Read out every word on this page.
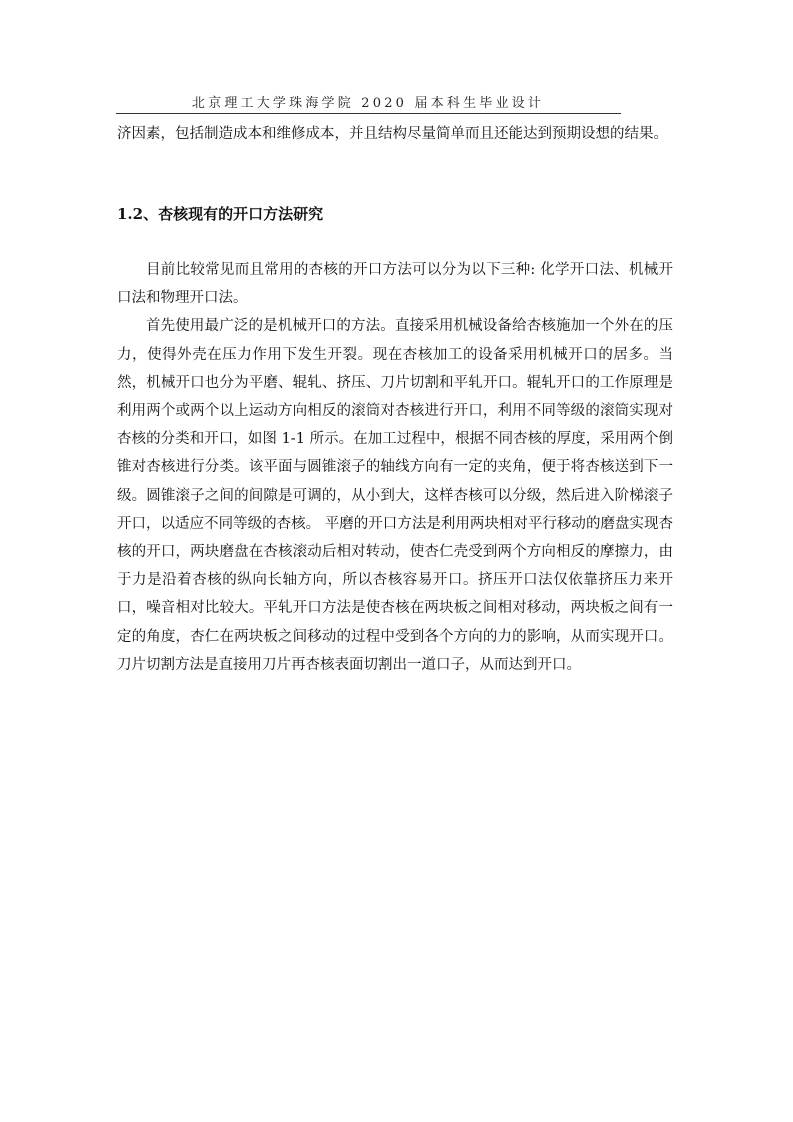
北京理工大学珠海学院 2020 届本科生毕业设计

济因素，包括制造成本和维修成本，并且结构尽量简单而且还能达到预期设想的结果。

1.2、杏核现有的开口方法研究

目前比较常见而且常用的杏核的开口方法可以分为以下三种: 化学开口法、机械开口法和物理开口法。

首先使用最广泛的是机械开口的方法。直接采用机械设备给杏核施加一个外在的压力，使得外壳在压力作用下发生开裂。现在杏核加工的设备采用机械开口的居多。当然，机械开口也分为平磨、辊轧、挤压、刀片切割和平轧开口。辊轧开口的工作原理是利用两个或两个以上运动方向相反的滚筒对杏核进行开口，利用不同等级的滚筒实现对杏核的分类和开口，如图 1-1 所示。在加工过程中，根据不同杏核的厚度，采用两个倒锥对杏核进行分类。该平面与圆锥滚子的轴线方向有一定的夹角，便于将杏核送到下一级。圆锥滚子之间的间隙是可调的，从小到大，这样杏核可以分级，然后进入阶梯滚子开口，以适应不同等级的杏核。 平磨的开口方法是利用两块相对平行移动的磨盘实现杏核的开口，两块磨盘在杏核滚动后相对转动，使杏仁壳受到两个方向相反的摩擦力，由于力是沿着杏核的纵向长轴方向，所以杏核容易开口。挤压开口法仅依靠挤压力来开口，噪音相对比较大。平轧开口方法是使杏核在两块板之间相对移动，两块板之间有一定的角度，杏仁在两块板之间移动的过程中受到各个方向的力的影响，从而实现开口。刀片切割方法是直接用刀片再杏核表面切割出一道口子，从而达到开口。
